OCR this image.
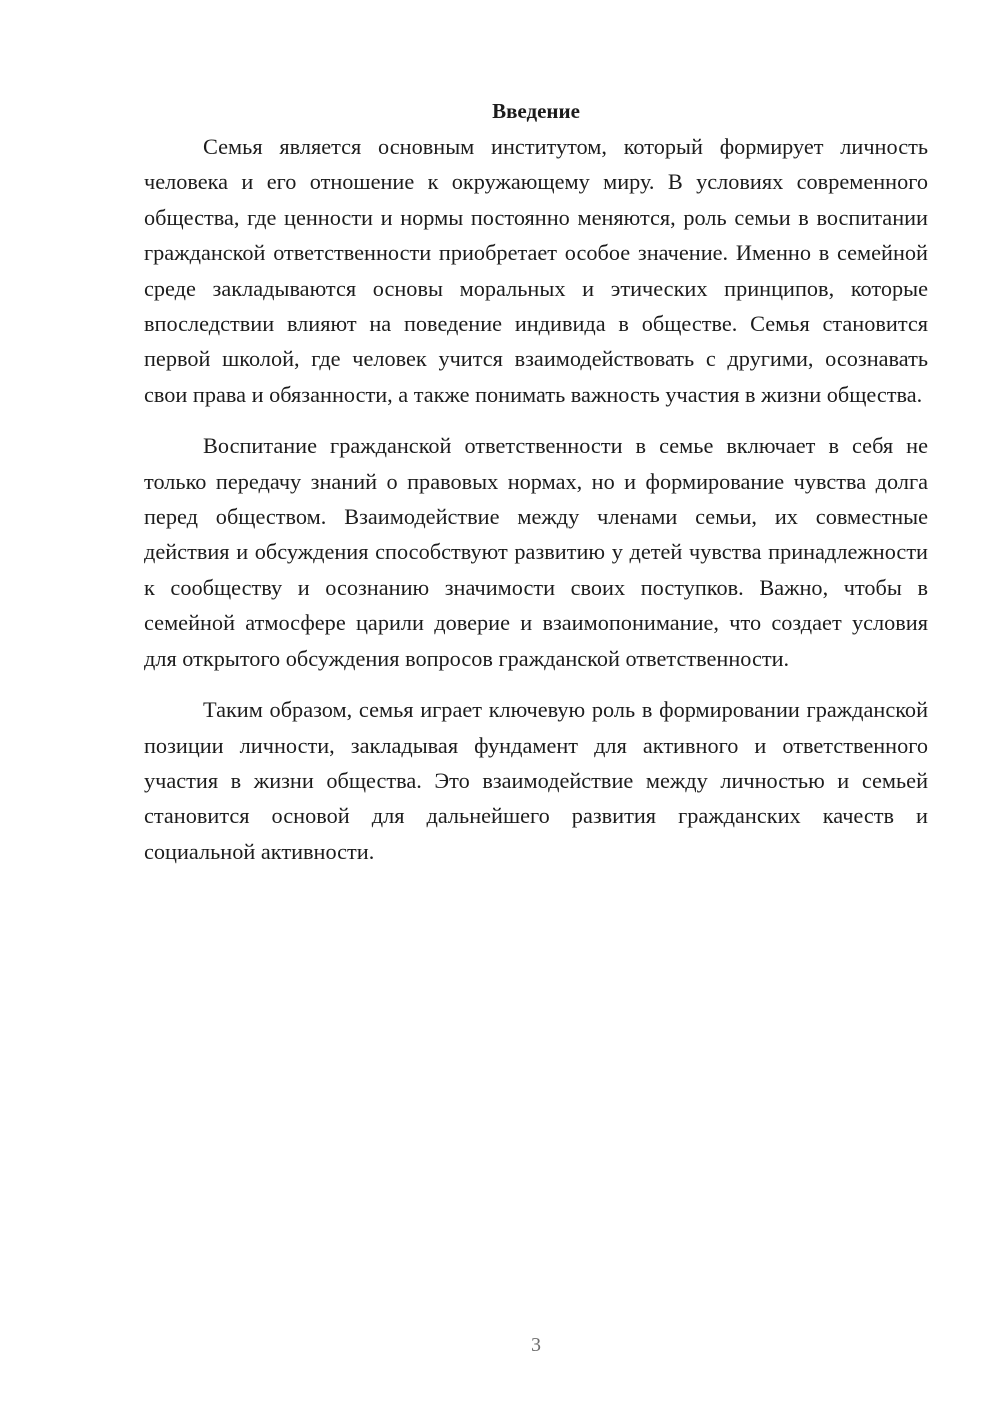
Введение

Семья является основным институтом, который формирует личность человека и его отношение к окружающему миру. В условиях современного общества, где ценности и нормы постоянно меняются, роль семьи в воспитании гражданской ответственности приобретает особое значение. Именно в семейной среде закладываются основы моральных и этических принципов, которые впоследствии влияют на поведение индивида в обществе. Семья становится первой школой, где человек учится взаимодействовать с другими, осознавать свои права и обязанности, а также понимать важность участия в жизни общества.

Воспитание гражданской ответственности в семье включает в себя не только передачу знаний о правовых нормах, но и формирование чувства долга перед обществом. Взаимодействие между членами семьи, их совместные действия и обсуждения способствуют развитию у детей чувства принадлежности к сообществу и осознанию значимости своих поступков. Важно, чтобы в семейной атмосфере царили доверие и взаимопонимание, что создает условия для открытого обсуждения вопросов гражданской ответственности.

Таким образом, семья играет ключевую роль в формировании гражданской позиции личности, закладывая фундамент для активного и ответственного участия в жизни общества. Это взаимодействие между личностью и семьей становится основой для дальнейшего развития гражданских качеств и социальной активности.

3
